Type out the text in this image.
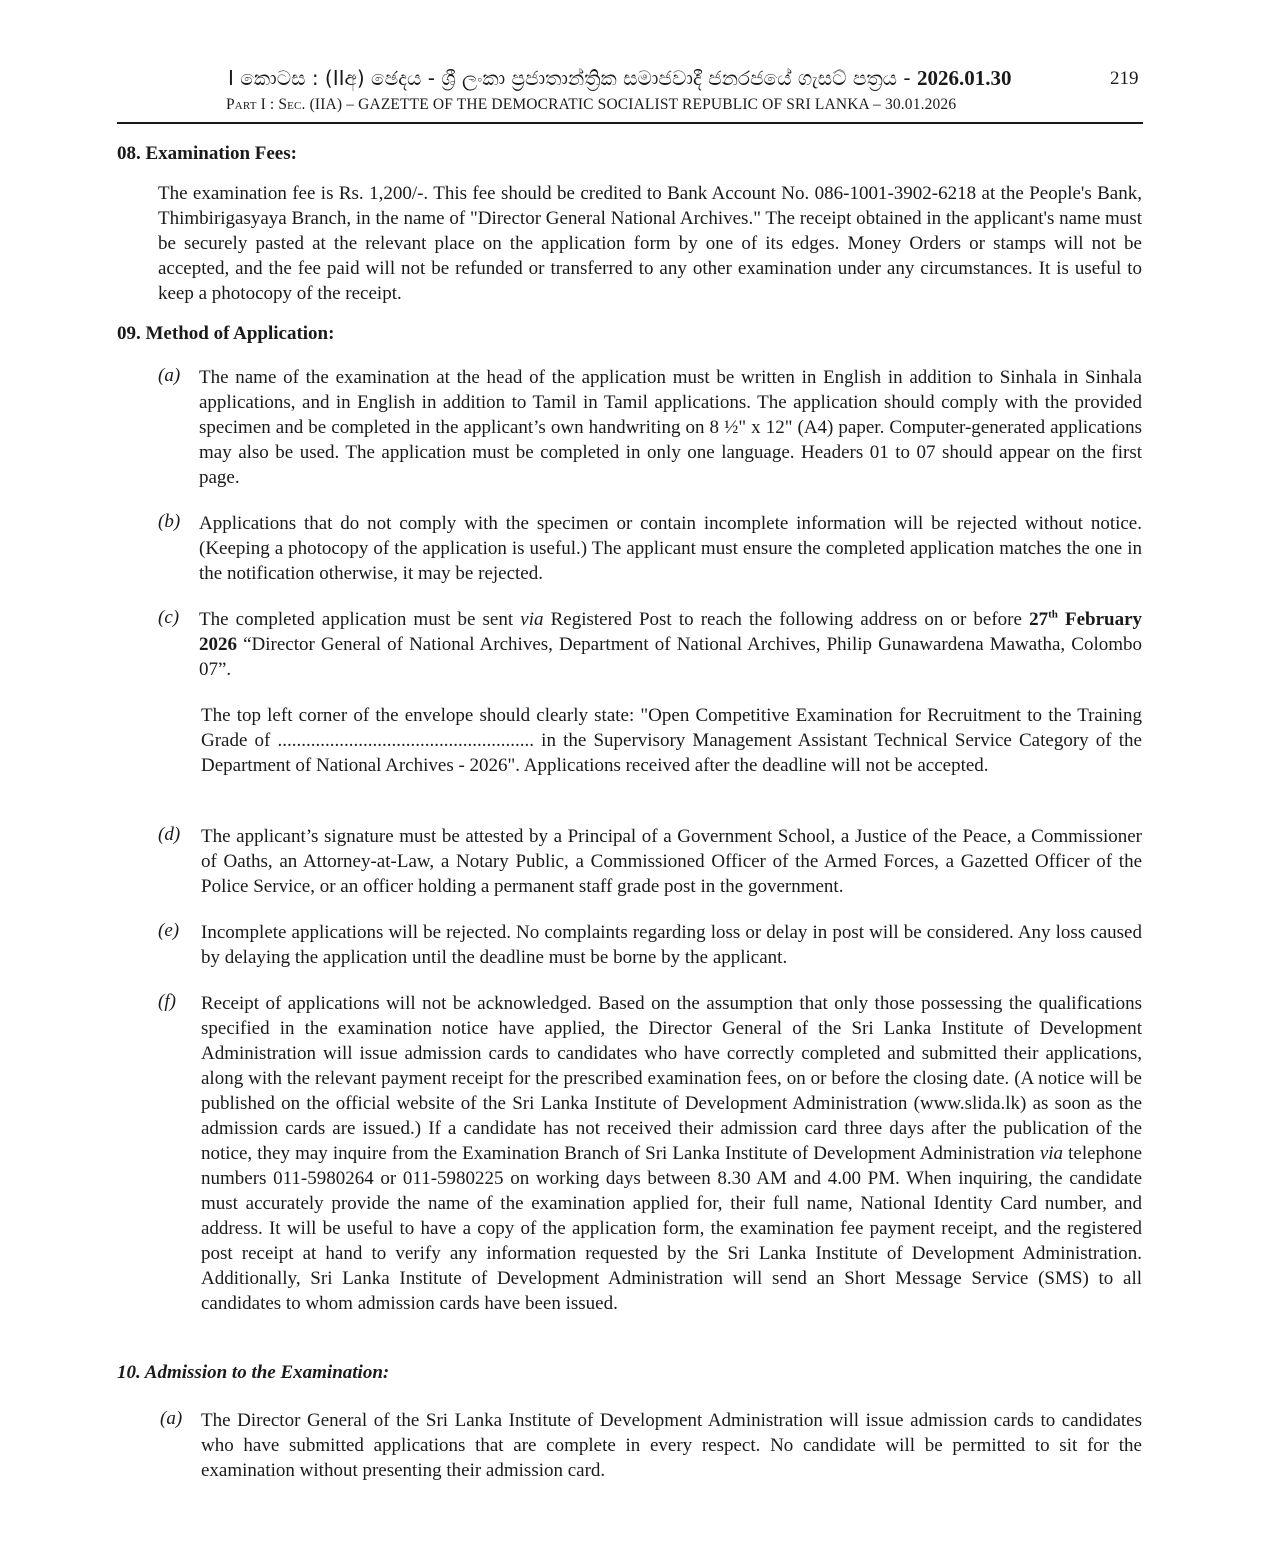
I කොටස : (IIඅ) ඡෙදය - ශ්‍රී ලංකා ප්‍රජාතාන්ත්‍රික සමාජවාදී ජනරජයේ ගැසට් පත්‍රය - 2026.01.30	219
Part I : Sec. (IIA) – GAZETTE OF THE DEMOCRATIC SOCIALIST REPUBLIC OF SRI LANKA – 30.01.2026
08. Examination Fees:
The examination fee is Rs. 1,200/-. This fee should be credited to Bank Account No. 086-1001-3902-6218 at the People's Bank, Thimbirigasyaya Branch, in the name of "Director General National Archives." The receipt obtained in the applicant's name must be securely pasted at the relevant place on the application form by one of its edges. Money Orders or stamps will not be accepted, and the fee paid will not be refunded or transferred to any other examination under any circumstances. It is useful to keep a photocopy of the receipt.
09. Method of Application:
(a) The name of the examination at the head of the application must be written in English in addition to Sinhala in Sinhala applications, and in English in addition to Tamil in Tamil applications. The application should comply with the provided specimen and be completed in the applicant’s own handwriting on 8 ½" x 12" (A4) paper. Computer-generated applications may also be used. The application must be completed in only one language. Headers 01 to 07 should appear on the first page.
(b) Applications that do not comply with the specimen or contain incomplete information will be rejected without notice. (Keeping a photocopy of the application is useful.) The applicant must ensure the completed application matches the one in the notification otherwise, it may be rejected.
(c) The completed application must be sent via Registered Post to reach the following address on or before 27th February 2026 “Director General of National Archives, Department of National Archives, Philip Gunawardena Mawatha, Colombo 07”.
The top left corner of the envelope should clearly state: "Open Competitive Examination for Recruitment to the Training Grade of ...................................................... in the Supervisory Management Assistant Technical Service Category of the Department of National Archives - 2026". Applications received after the deadline will not be accepted.
(d) The applicant’s signature must be attested by a Principal of a Government School, a Justice of the Peace, a Commissioner of Oaths, an Attorney-at-Law, a Notary Public, a Commissioned Officer of the Armed Forces, a Gazetted Officer of the Police Service, or an officer holding a permanent staff grade post in the government.
(e) Incomplete applications will be rejected. No complaints regarding loss or delay in post will be considered. Any loss caused by delaying the application until the deadline must be borne by the applicant.
(f) Receipt of applications will not be acknowledged. Based on the assumption that only those possessing the qualifications specified in the examination notice have applied, the Director General of the Sri Lanka Institute of Development Administration will issue admission cards to candidates who have correctly completed and submitted their applications, along with the relevant payment receipt for the prescribed examination fees, on or before the closing date. (A notice will be published on the official website of the Sri Lanka Institute of Development Administration (www.slida.lk) as soon as the admission cards are issued.) If a candidate has not received their admission card three days after the publication of the notice, they may inquire from the Examination Branch of Sri Lanka Institute of Development Administration via telephone numbers 011-5980264 or 011-5980225 on working days between 8.30 AM and 4.00 PM. When inquiring, the candidate must accurately provide the name of the examination applied for, their full name, National Identity Card number, and address. It will be useful to have a copy of the application form, the examination fee payment receipt, and the registered post receipt at hand to verify any information requested by the Sri Lanka Institute of Development Administration. Additionally, Sri Lanka Institute of Development Administration will send an Short Message Service (SMS) to all candidates to whom admission cards have been issued.
10. Admission to the Examination:
(a) The Director General of the Sri Lanka Institute of Development Administration will issue admission cards to candidates who have submitted applications that are complete in every respect. No candidate will be permitted to sit for the examination without presenting their admission card.
